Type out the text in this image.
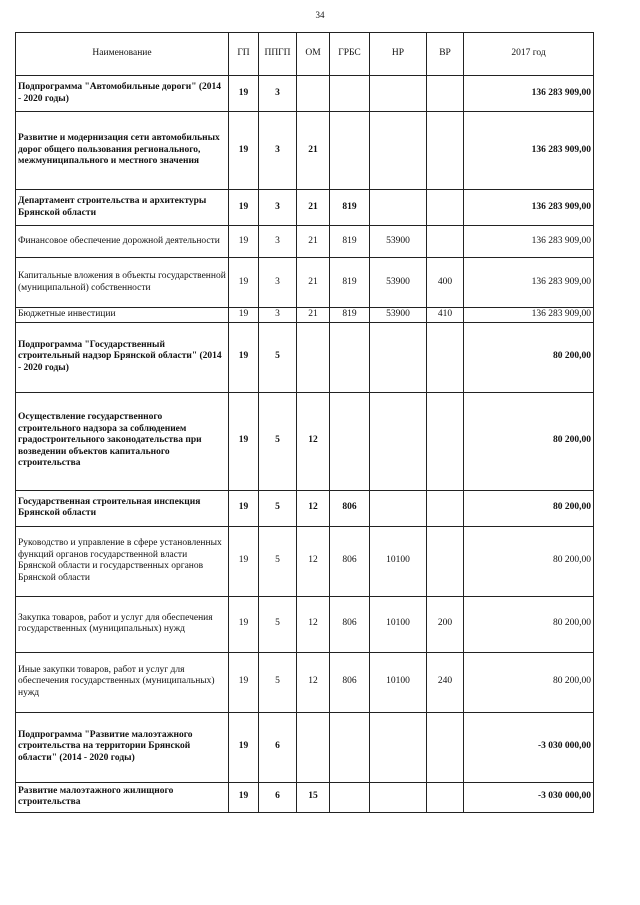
34
Наименование	ГП	ППГП	ОМ	ГРБС	НР	ВР	2017 год
Подпрограмма "Автомобильные дороги" (2014 - 2020 годы)	19	3					136 283 909,00
Развитие и модернизация сети автомобильных дорог общего пользования регионального, межмуниципального и местного значения	19	3	21				136 283 909,00
Департамент строительства и архитектуры Брянской области	19	3	21	819			136 283 909,00
Финансовое обеспечение дорожной деятельности	19	3	21	819	53900		136 283 909,00
Капитальные вложения в объекты государственной (муниципальной) собственности	19	3	21	819	53900	400	136 283 909,00
Бюджетные инвестиции	19	3	21	819	53900	410	136 283 909,00
Подпрограмма "Государственный строительный надзор Брянской области" (2014 - 2020 годы)	19	5					80 200,00
Осуществление государственного строительного надзора за соблюдением градостроительного законодательства при возведении объектов капитального строительства	19	5	12				80 200,00
Государственная строительная инспекция Брянской области	19	5	12	806			80 200,00
Руководство и управление в сфере установленных функций органов государственной власти Брянской области и государственных органов Брянской области	19	5	12	806	10100		80 200,00
Закупка товаров, работ и услуг для обеспечения государственных (муниципальных) нужд	19	5	12	806	10100	200	80 200,00
Иные закупки товаров, работ и услуг для обеспечения государственных (муниципальных) нужд	19	5	12	806	10100	240	80 200,00
Подпрограмма "Развитие малоэтажного строительства на территории Брянской области" (2014 - 2020 годы)	19	6					-3 030 000,00
Развитие малоэтажного жилищного строительства	19	6	15				-3 030 000,00
